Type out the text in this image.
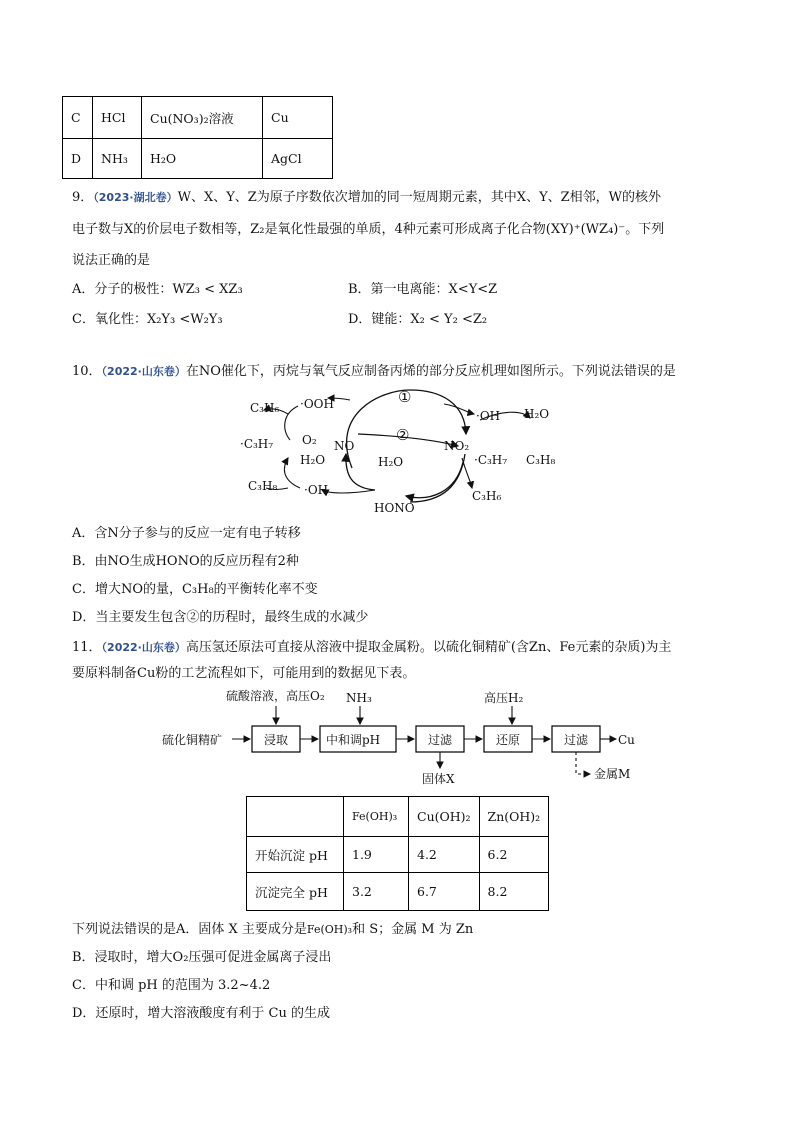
C	HCl	Cu(NO₃)₂溶液	Cu
D	NH₃	H₂O	AgCl
9．（2023·湖北卷）W、X、Y、Z为原子序数依次增加的同一短周期元素，其中X、Y、Z相邻，W的核外
电子数与X的价层电子数相等，Z₂是氧化性最强的单质，4种元素可形成离子化合物(XY)⁺(WZ₄)⁻。下列
说法正确的是
A．分子的极性：WZ₃ < XZ₃	B．第一电离能：X<Y<Z
C．氧化性：X₂Y₃ <W₂Y₃	D．键能：X₂ < Y₂ <Z₂
10．（2022·山东卷）在NO催化下，丙烷与氧气反应制备丙烯的部分反应机理如图所示。下列说法错误的是
C₃H₆ ·OOH
O₂
·C₃H₇
H₂O
C₃H₈ ·OH
NO
HONO
NO₂
①
②
H₂O
·OH H₂O
·C₃H₇ C₃H₈
C₃H₆
A．含N分子参与的反应一定有电子转移
B．由NO生成HONO的反应历程有2种
C．增大NO的量，C₃H₈的平衡转化率不变
D．当主要发生包含②的历程时，最终生成的水减少
11．（2022·山东卷）高压氢还原法可直接从溶液中提取金属粉。以硫化铜精矿(含Zn、Fe元素的杂质)为主
要原料制备Cu粉的工艺流程如下，可能用到的数据见下表。
硫酸溶液，高压O₂ NH₃	高压H₂
硫化铜精矿	浸取	中和调pH	过滤	还原	过滤 Cu
固体X	金属M
	Fe(OH)₃	Cu(OH)₂	Zn(OH)₂
开始沉淀 pH	1.9	4.2	6.2
沉淀完全 pH	3.2	6.7	8.2
下列说法错误的是A．固体 X 主要成分是Fe(OH)₃和 S；金属 M 为 Zn
B．浸取时，增大O₂压强可促进金属离子浸出
C．中和调 pH 的范围为 3.2~4.2
D．还原时，增大溶液酸度有利于 Cu 的生成
